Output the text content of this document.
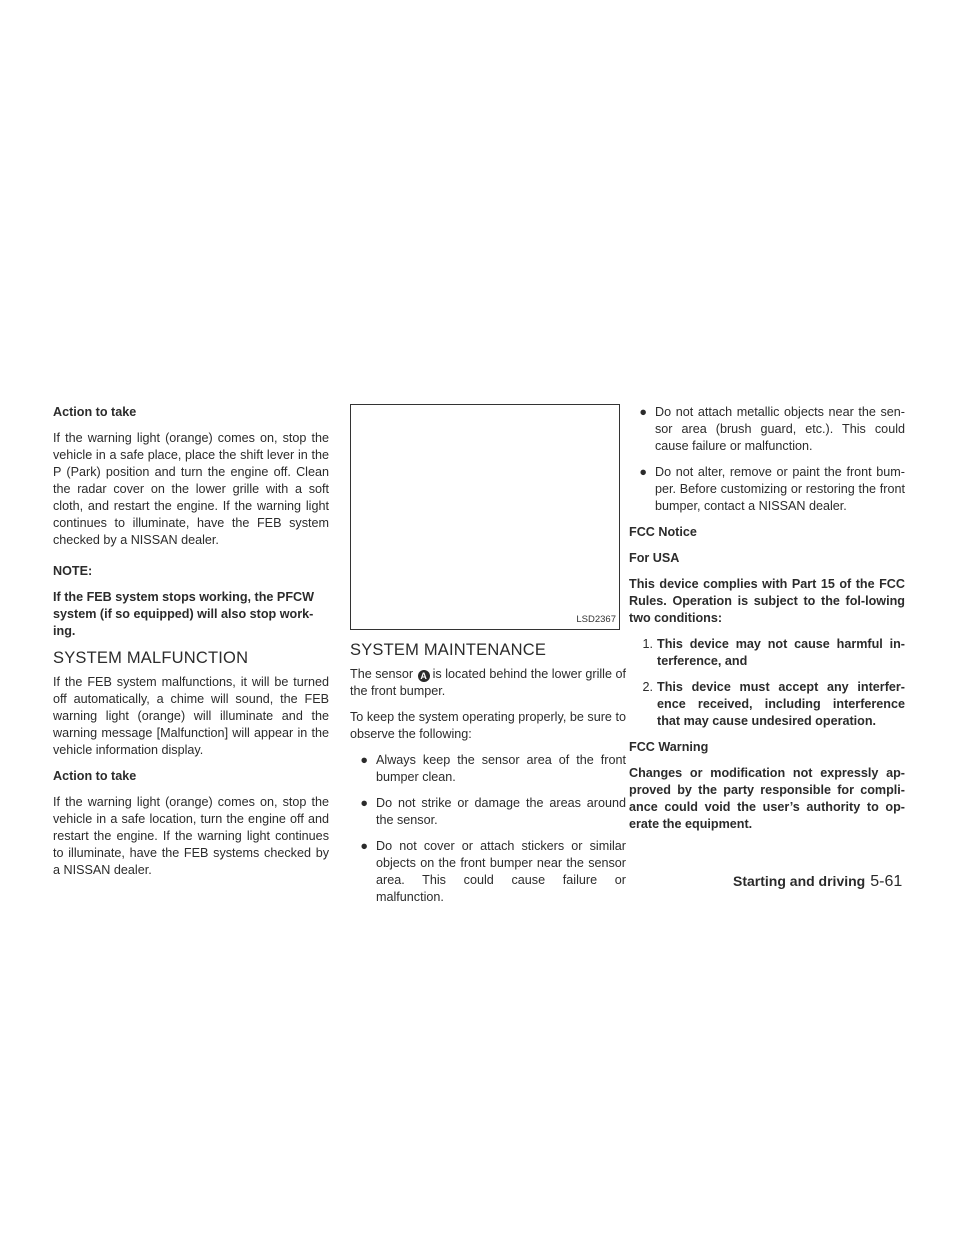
Action to take

If the warning light (orange) comes on, stop the vehicle in a safe place, place the shift lever in the P (Park) position and turn the engine off. Clean the radar cover on the lower grille with a soft cloth, and restart the engine. If the warning light continues to illuminate, have the FEB system checked by a NISSAN dealer.

NOTE:

If the FEB system stops working, the PFCW system (if so equipped) will also stop work-ing.

SYSTEM MALFUNCTION

If the FEB system malfunctions, it will be turned off automatically, a chime will sound, the FEB warning light (orange) will illuminate and the warning message [Malfunction] will appear in the vehicle information display.

Action to take

If the warning light (orange) comes on, stop the vehicle in a safe location, turn the engine off and restart the engine. If the warning light continues to illuminate, have the FEB systems checked by a NISSAN dealer.

LSD2367
SYSTEM MAINTENANCE

The sensor A is located behind the lower grille of the front bumper.

To keep the system operating properly, be sure to observe the following:

● Always keep the sensor area of the front bumper clean.
● Do not strike or damage the areas around the sensor.
● Do not cover or attach stickers or similar objects on the front bumper near the sensor area. This could cause failure or malfunction.
● Do not attach metallic objects near the sen-sor area (brush guard, etc.). This could cause failure or malfunction.
● Do not alter, remove or paint the front bum-per. Before customizing or restoring the front bumper, contact a NISSAN dealer.
FCC Notice
For USA

This device complies with Part 15 of the FCC Rules. Operation is subject to the fol-lowing two conditions:

1. This device may not cause harmful in-terference, and
2. This device must accept any interfer-ence received, including interference that may cause undesired operation.
FCC Warning

Changes or modification not expressly ap-proved by the party responsible for compli-ance could void the user’s authority to op-erate the equipment.

Starting and driving 5-61
